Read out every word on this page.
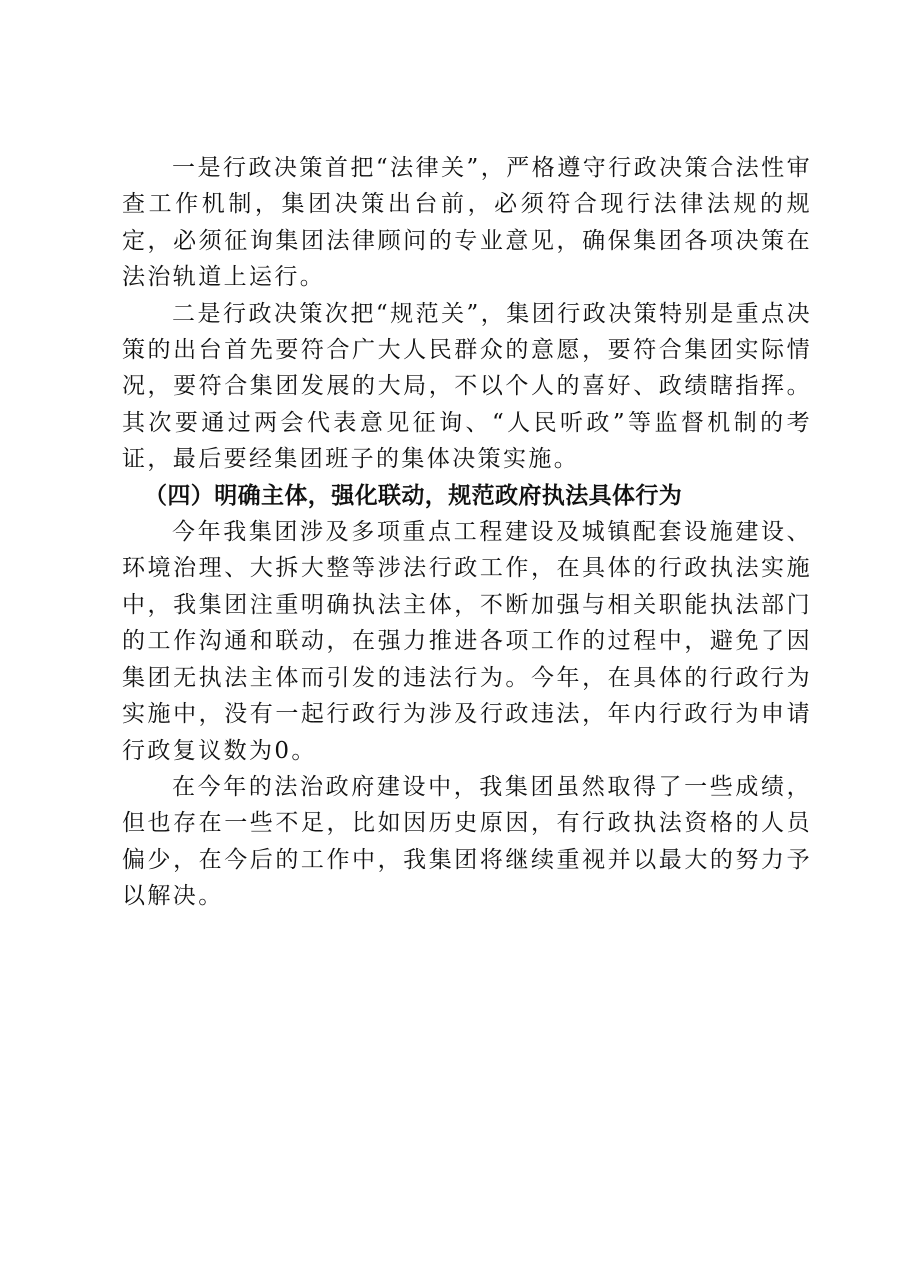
一是行政决策首把“法律关”，严格遵守行政决策合法性审查工作机制，集团决策出台前，必须符合现行法律法规的规定，必须征询集团法律顾问的专业意见，确保集团各项决策在法治轨道上运行。

二是行政决策次把“规范关”，集团行政决策特别是重点决策的出台首先要符合广大人民群众的意愿，要符合集团实际情况，要符合集团发展的大局，不以个人的喜好、政绩瞎指挥。其次要通过两会代表意见征询、“人民听政”等监督机制的考证，最后要经集团班子的集体决策实施。

（四）明确主体，强化联动，规范政府执法具体行为

今年我集团涉及多项重点工程建设及城镇配套设施建设、环境治理、大拆大整等涉法行政工作，在具体的行政执法实施中，我集团注重明确执法主体，不断加强与相关职能执法部门的工作沟通和联动，在强力推进各项工作的过程中，避免了因集团无执法主体而引发的违法行为。今年，在具体的行政行为实施中，没有一起行政行为涉及行政违法，年内行政行为申请行政复议数为0。

在今年的法治政府建设中，我集团虽然取得了一些成绩，但也存在一些不足，比如因历史原因，有行政执法资格的人员偏少，在今后的工作中，我集团将继续重视并以最大的努力予以解决。
